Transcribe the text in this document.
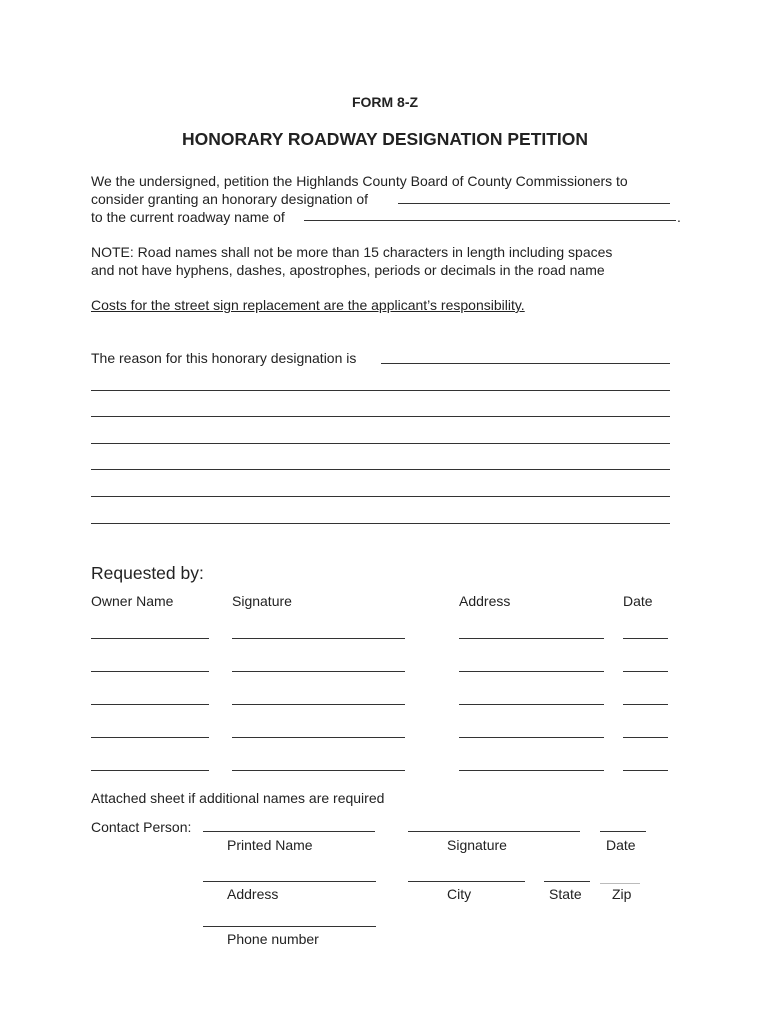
FORM 8-Z
HONORARY ROADWAY DESIGNATION PETITION
We the undersigned, petition the Highlands County Board of County Commissioners to
consider granting an honorary designation of
to the current roadway name of	.
NOTE: Road names shall not be more than 15 characters in length including spaces
and not have hyphens, dashes, apostrophes, periods or decimals in the road name
Costs for the street sign replacement are the applicant’s responsibility.
The reason for this honorary designation is
Requested by:
Owner Name	Signature	Address	Date
Attached sheet if additional names are required
Contact Person:
Printed Name	Signature	Date
Address	City	State Zip
Phone number
